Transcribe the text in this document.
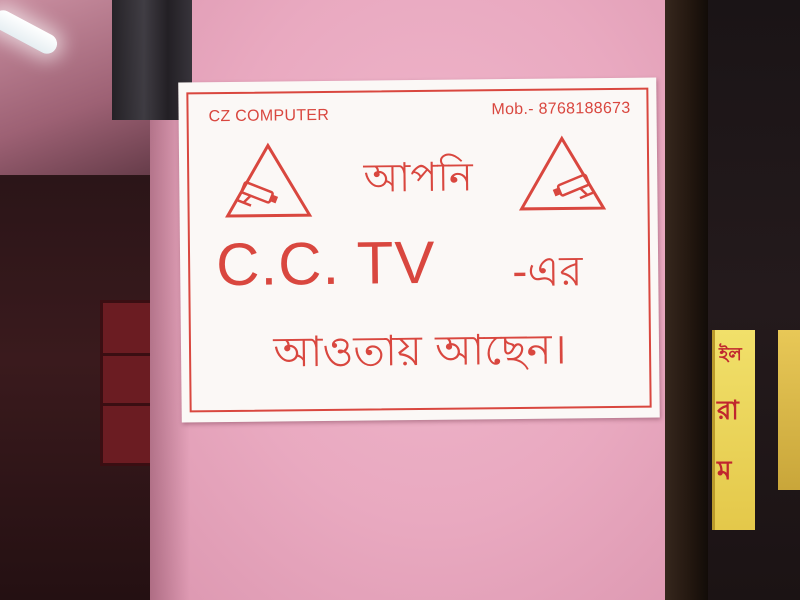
ইল
রা
ম
CZ COMPUTER	Mob.- 8768188673
আপনি
C.C. TV -এর
আওতায় আছেন।
